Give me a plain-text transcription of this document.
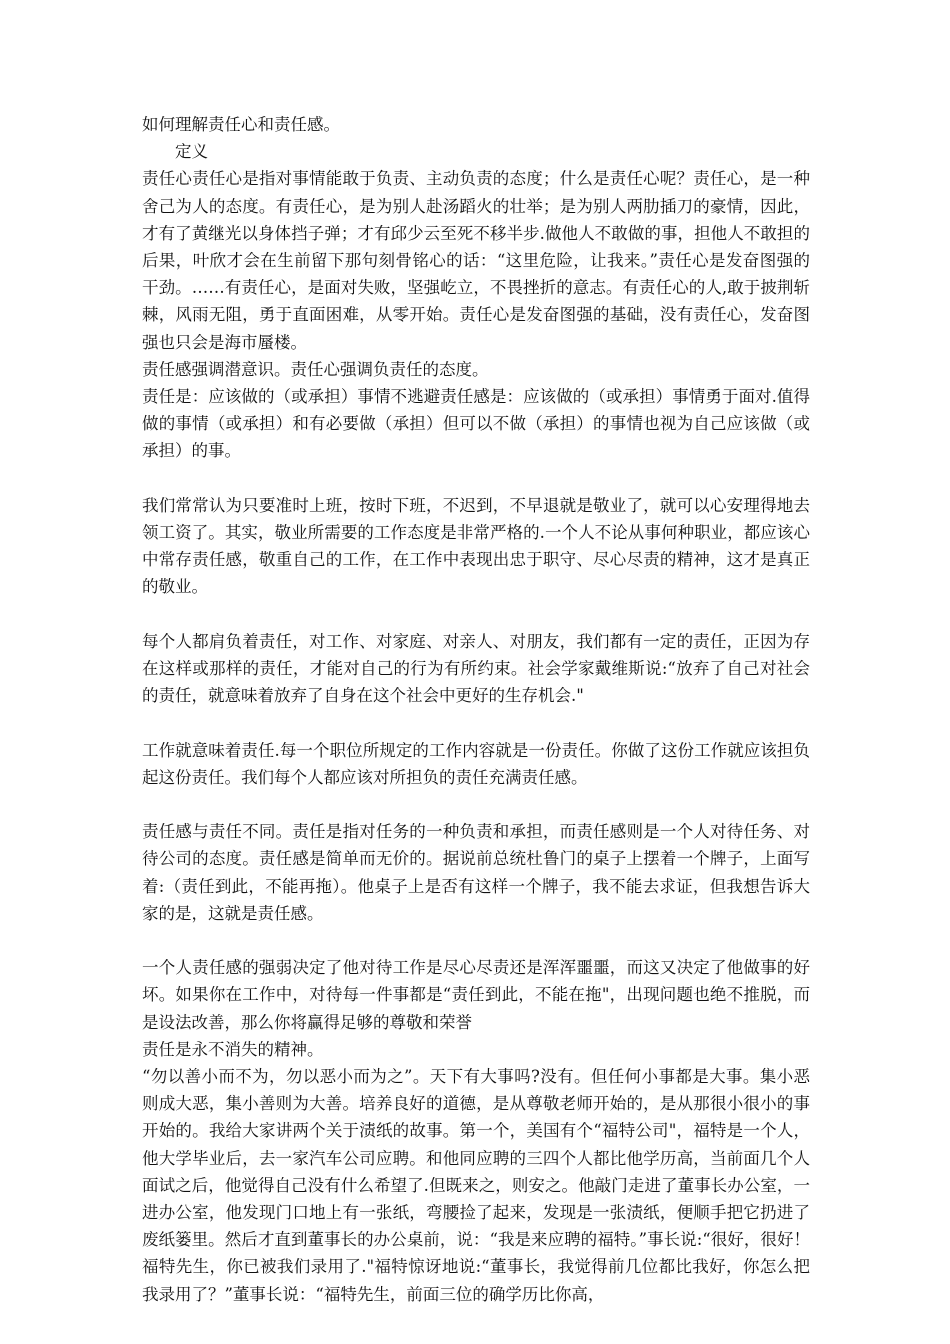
如何理解责任心和责任感。

定义

责任心责任心是指对事情能敢于负责、主动负责的态度；什么是责任心呢？责任心，是一种舍己为人的态度。有责任心，是为别人赴汤蹈火的壮举；是为别人两肋插刀的豪情，因此，才有了黄继光以身体挡子弹；才有邱少云至死不移半步.做他人不敢做的事，担他人不敢担的后果，叶欣才会在生前留下那句刻骨铭心的话：“这里危险，让我来。”责任心是发奋图强的干劲。……有责任心，是面对失败，坚强屹立，不畏挫折的意志。有责任心的人,敢于披荆斩棘，风雨无阻，勇于直面困难，从零开始。责任心是发奋图强的基础，没有责任心，发奋图强也只会是海市蜃楼。

责任感强调潜意识。责任心强调负责任的态度。

责任是：应该做的（或承担）事情不逃避责任感是：应该做的（或承担）事情勇于面对.值得做的事情（或承担）和有必要做（承担）但可以不做（承担）的事情也视为自己应该做（或承担）的事。

我们常常认为只要准时上班，按时下班，不迟到，不早退就是敬业了，就可以心安理得地去领工资了。其实，敬业所需要的工作态度是非常严格的.一个人不论从事何种职业，都应该心中常存责任感，敬重自己的工作，在工作中表现出忠于职守、尽心尽责的精神，这才是真正的敬业。

每个人都肩负着责任，对工作、对家庭、对亲人、对朋友，我们都有一定的责任，正因为存在这样或那样的责任，才能对自己的行为有所约束。社会学家戴维斯说:“放弃了自己对社会的责任，就意味着放弃了自身在这个社会中更好的生存机会."

工作就意味着责任.每一个职位所规定的工作内容就是一份责任。你做了这份工作就应该担负起这份责任。我们每个人都应该对所担负的责任充满责任感。

责任感与责任不同。责任是指对任务的一种负责和承担，而责任感则是一个人对待任务、对待公司的态度。责任感是简单而无价的。据说前总统杜鲁门的桌子上摆着一个牌子，上面写着:（责任到此，不能再拖）。他桌子上是否有这样一个牌子，我不能去求证，但我想告诉大家的是，这就是责任感。

一个人责任感的强弱决定了他对待工作是尽心尽责还是浑浑噩噩，而这又决定了他做事的好坏。如果你在工作中，对待每一件事都是“责任到此，不能在拖"，出现问题也绝不推脱，而是设法改善，那么你将赢得足够的尊敬和荣誉

责任是永不消失的精神。

“勿以善小而不为，勿以恶小而为之”。天下有大事吗?没有。但任何小事都是大事。集小恶则成大恶，集小善则为大善。培养良好的道德，是从尊敬老师开始的，是从那很小很小的事开始的。我给大家讲两个关于渍纸的故事。第一个，美国有个“福特公司"，福特是一个人，他大学毕业后，去一家汽车公司应聘。和他同应聘的三四个人都比他学历高，当前面几个人面试之后，他觉得自己没有什么希望了.但既来之，则安之。他敲门走进了董事长办公室，一进办公室，他发现门口地上有一张纸，弯腰捡了起来，发现是一张渍纸，便顺手把它扔进了废纸篓里。然后才直到董事长的办公桌前，说：“我是来应聘的福特。”事长说:“很好，很好！福特先生，你已被我们录用了."福特惊讶地说:“董事长，我觉得前几位都比我好，你怎么把我录用了？”董事长说：“福特先生，前面三位的确学历比你高，
